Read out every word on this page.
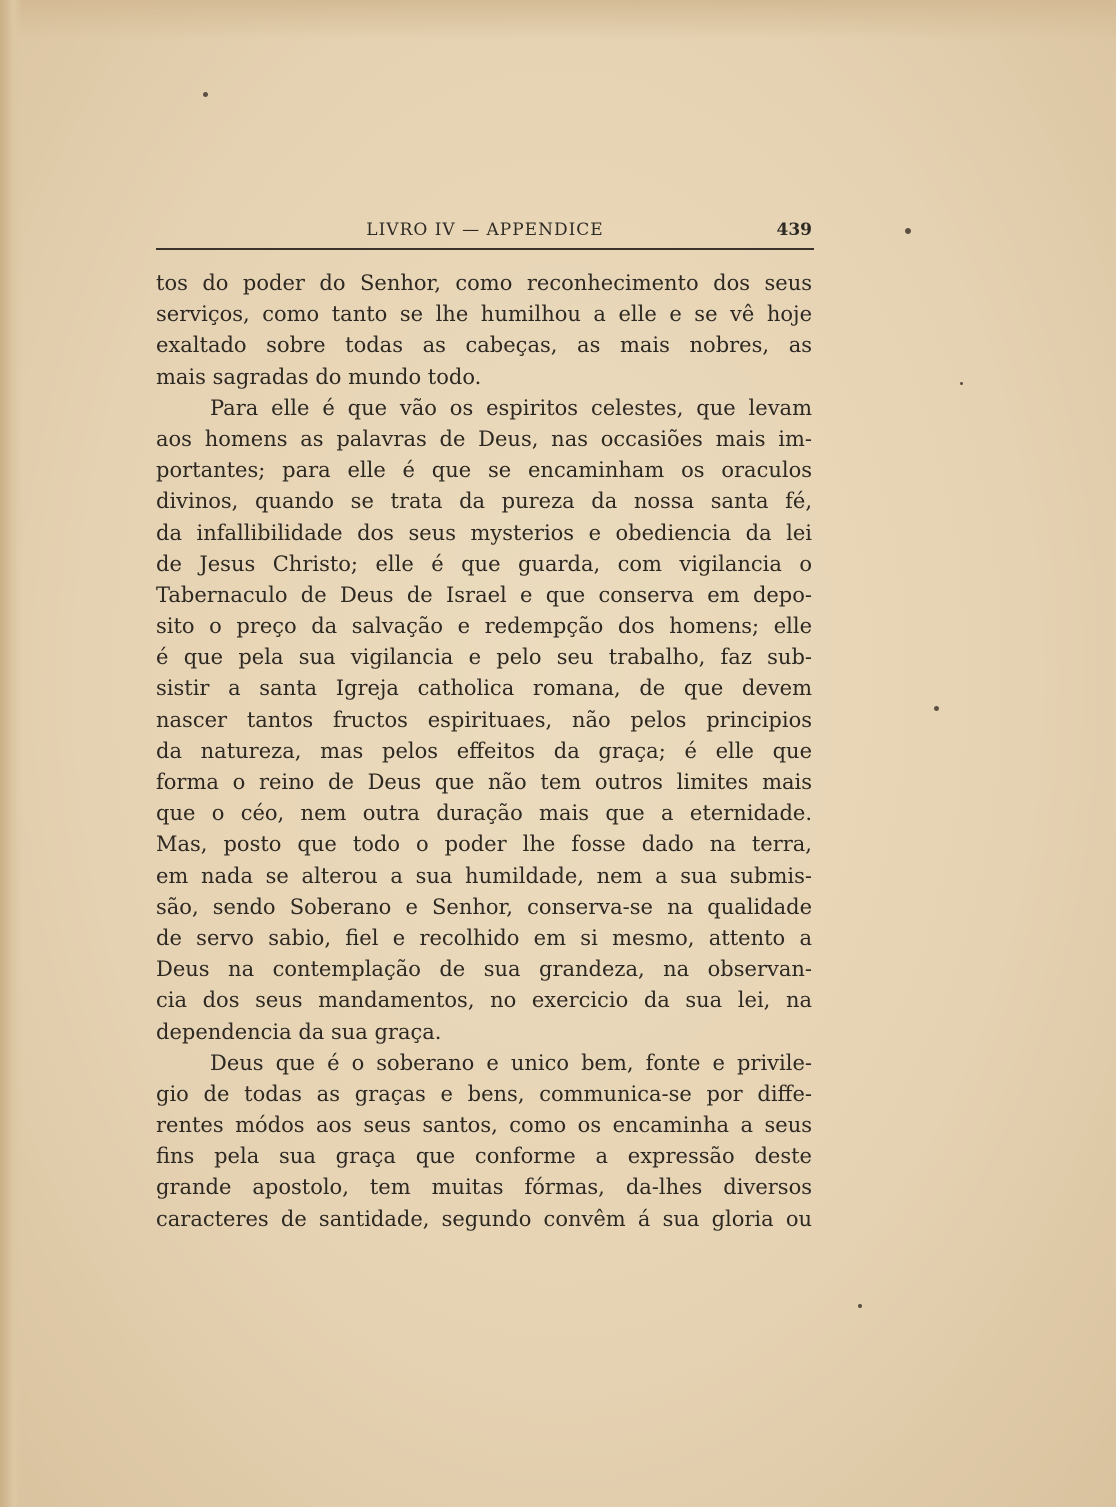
LIVRO IV — APPENDICE	439
tos do poder do Senhor, como reconhecimento dos seus
serviços, como tanto se lhe humilhou a elle e se vê hoje
exaltado sobre todas as cabeças, as mais nobres, as
mais sagradas do mundo todo.
Para elle é que vão os espiritos celestes, que levam
aos homens as palavras de Deus, nas occasiões mais im-
portantes; para elle é que se encaminham os oraculos
divinos, quando se trata da pureza da nossa santa fé,
da infallibilidade dos seus mysterios e obediencia da lei
de Jesus Christo; elle é que guarda, com vigilancia o
Tabernaculo de Deus de Israel e que conserva em depo-
sito o preço da salvação e redempção dos homens; elle
é que pela sua vigilancia e pelo seu trabalho, faz sub-
sistir a santa Igreja catholica romana, de que devem
nascer tantos fructos espirituaes, não pelos principios
da natureza, mas pelos effeitos da graça; é elle que
forma o reino de Deus que não tem outros limites mais
que o céo, nem outra duração mais que a eternidade.
Mas, posto que todo o poder lhe fosse dado na terra,
em nada se alterou a sua humildade, nem a sua submis-
são, sendo Soberano e Senhor, conserva-se na qualidade
de servo sabio, fiel e recolhido em si mesmo, attento a
Deus na contemplação de sua grandeza, na observan-
cia dos seus mandamentos, no exercicio da sua lei, na
dependencia da sua graça.
Deus que é o soberano e unico bem, fonte e privile-
gio de todas as graças e bens, communica-se por diffe-
rentes módos aos seus santos, como os encaminha a seus
fins pela sua graça que conforme a expressão deste
grande apostolo, tem muitas fórmas, da-lhes diversos
caracteres de santidade, segundo convêm á sua gloria ou
